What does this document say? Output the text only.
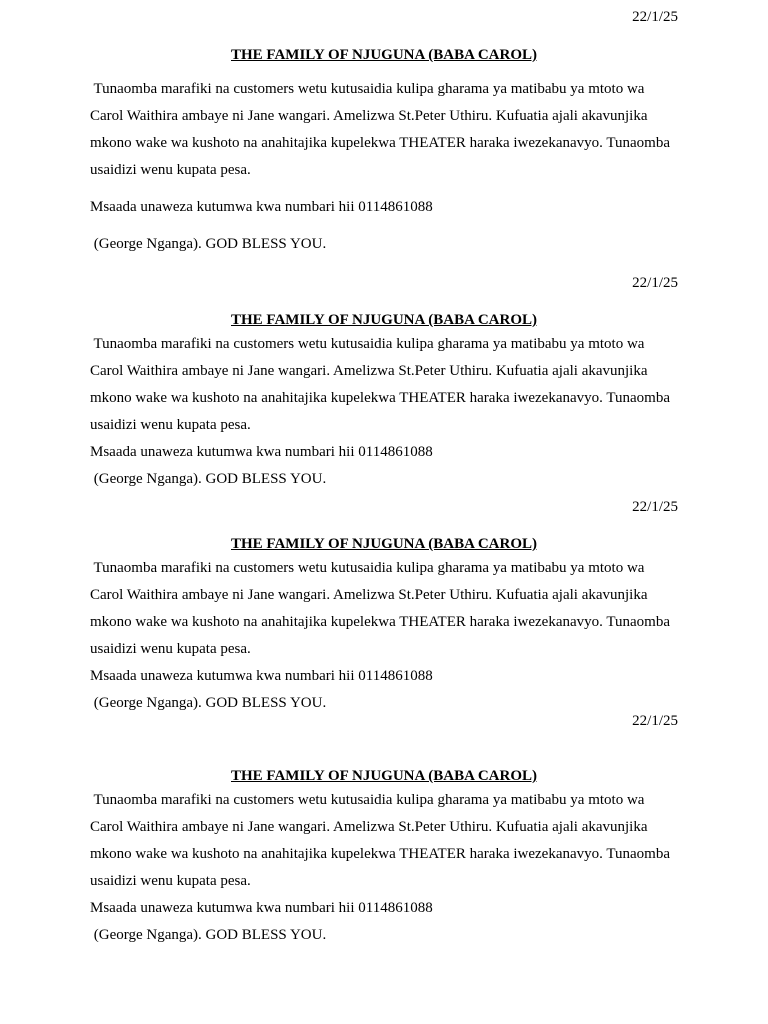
22/1/25
THE FAMILY OF NJUGUNA (BABA CAROL)
Tunaomba marafiki na customers wetu kutusaidia kulipa gharama ya matibabu ya mtoto wa
Carol Waithira ambaye ni Jane wangari. Amelizwa St.Peter Uthiru. Kufuatia ajali akavunjika
mkono wake wa kushoto na anahitajika kupelekwa THEATER haraka iwezekanavyo. Tunaomba
usaidizi wenu kupata pesa.
Msaada unaweza kutumwa kwa numbari hii 0114861088
(George Nganga). GOD BLESS YOU.
22/1/25
THE FAMILY OF NJUGUNA (BABA CAROL)
Tunaomba marafiki na customers wetu kutusaidia kulipa gharama ya matibabu ya mtoto wa
Carol Waithira ambaye ni Jane wangari. Amelizwa St.Peter Uthiru. Kufuatia ajali akavunjika
mkono wake wa kushoto na anahitajika kupelekwa THEATER haraka iwezekanavyo. Tunaomba
usaidizi wenu kupata pesa.
Msaada unaweza kutumwa kwa numbari hii 0114861088
(George Nganga). GOD BLESS YOU.
22/1/25
THE FAMILY OF NJUGUNA (BABA CAROL)
Tunaomba marafiki na customers wetu kutusaidia kulipa gharama ya matibabu ya mtoto wa
Carol Waithira ambaye ni Jane wangari. Amelizwa St.Peter Uthiru. Kufuatia ajali akavunjika
mkono wake wa kushoto na anahitajika kupelekwa THEATER haraka iwezekanavyo. Tunaomba
usaidizi wenu kupata pesa.
Msaada unaweza kutumwa kwa numbari hii 0114861088
(George Nganga). GOD BLESS YOU.
22/1/25
THE FAMILY OF NJUGUNA (BABA CAROL)
Tunaomba marafiki na customers wetu kutusaidia kulipa gharama ya matibabu ya mtoto wa
Carol Waithira ambaye ni Jane wangari. Amelizwa St.Peter Uthiru. Kufuatia ajali akavunjika
mkono wake wa kushoto na anahitajika kupelekwa THEATER haraka iwezekanavyo. Tunaomba
usaidizi wenu kupata pesa.
Msaada unaweza kutumwa kwa numbari hii 0114861088
(George Nganga). GOD BLESS YOU.
